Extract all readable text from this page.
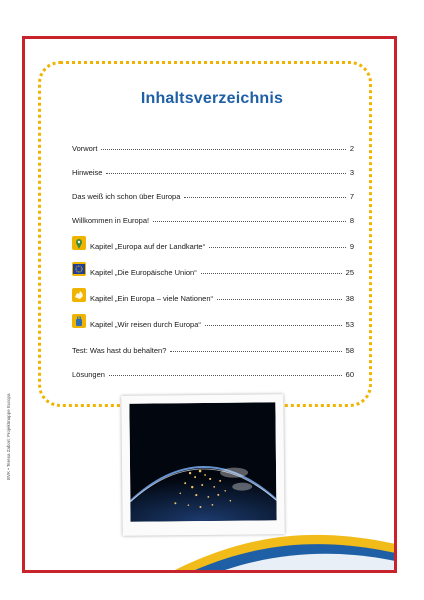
Inhaltsverzeichnis
Vorwort	2
Hinweise	3
Das weiß ich schon über Europa	7
Willkommen in Europa!	8
Kapitel „Europa auf der Landkarte“	9
Kapitel „Die Europäische Union“	25
Kapitel „Ein Europa – viele Nationen“	38
Kapitel „Wir reisen durch Europa“	53
Test: Was hast du behalten?	58
Lösungen	60
BVK • Teresa Zabori: Projektmappe Europa
